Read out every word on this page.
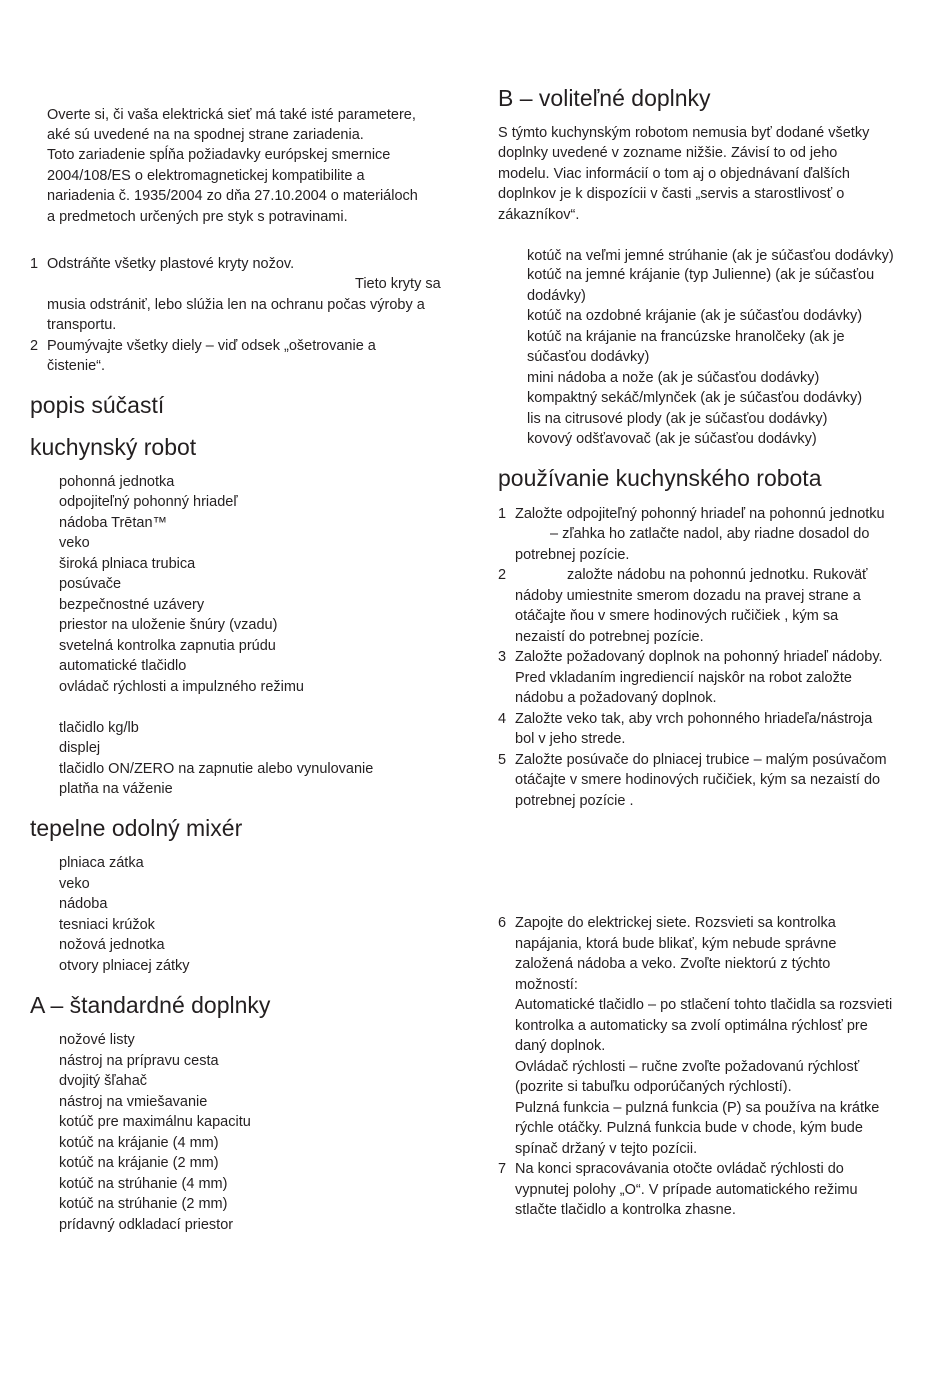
Overte si, či vaša elektrická sieť má také isté parametere,
aké sú uvedené na na spodnej strane zariadenia.
Toto zariadenie spĺňa požiadavky európskej smernice
2004/108/ES o elektromagnetickej kompatibilite a
nariadenia č. 1935/2004 zo dňa 27.10.2004 o materiáloch
a predmetoch určených pre styk s potravinami.
1 Odstráňte všetky plastové kryty nožov.
Tieto kryty sa
musia odstrániť, lebo slúžia len na ochranu počas výroby a
transportu.
2 Poumývajte všetky diely – viď odsek „ošetrovanie a
čistenie“.
popis súčastí
kuchynský robot
pohonná jednotka
odpojiteľný pohonný hriadeľ
nádoba Trētan™
veko
široká plniaca trubica
posúvače
bezpečnostné uzávery
priestor na uloženie šnúry (vzadu)
svetelná kontrolka zapnutia prúdu
automatické tlačidlo
ovládač rýchlosti a impulzného režimu
tlačidlo kg/lb
displej
tlačidlo ON/ZERO na zapnutie alebo vynulovanie
platňa na váženie
tepelne odolný mixér
plniaca zátka
veko
nádoba
tesniaci krúžok
nožová jednotka
otvory plniacej zátky
A – štandardné doplnky
nožové listy
nástroj na prípravu cesta
dvojitý šľahač
nástroj na vmiešavanie
kotúč pre maximálnu kapacitu
kotúč na krájanie (4 mm)
kotúč na krájanie (2 mm)
kotúč na strúhanie (4 mm)
kotúč na strúhanie (2 mm)
prídavný odkladací priestor
B – voliteľné doplnky
S týmto kuchynským robotom nemusia byť dodané všetky
doplnky uvedené v zozname nižšie. Závisí to od jeho
modelu. Viac informácií o tom aj o objednávaní ďalších
doplnkov je k dispozícii v časti „servis a starostlivosť o
zákazníkov“.
kotúč na veľmi jemné strúhanie (ak je súčasťou dodávky)
kotúč na jemné krájanie (typ Julienne) (ak je súčasťou
dodávky)
kotúč na ozdobné krájanie (ak je súčasťou dodávky)
kotúč na krájanie na francúzske hranolčeky (ak je
súčasťou dodávky)
mini nádoba a nože (ak je súčasťou dodávky)
kompaktný sekáč/mlynček (ak je súčasťou dodávky)
lis na citrusové plody (ak je súčasťou dodávky)
kovový odšťavovač (ak je súčasťou dodávky)
používanie kuchynského robota
1 Založte odpojiteľný pohonný hriadeľ na pohonnú jednotku
– zľahka ho zatlačte nadol, aby riadne dosadol do
potrebnej pozície.
2	založte nádobu na pohonnú jednotku. Rukoväť
nádoby umiestnite smerom dozadu na pravej strane a
otáčajte ňou v smere hodinových ručičiek , kým sa
nezaistí do potrebnej pozície.
3 Založte požadovaný doplnok na pohonný hriadeľ nádoby.
Pred vkladaním ingrediencií najskôr na robot založte
nádobu a požadovaný doplnok.
4 Založte veko tak, aby vrch pohonného hriadeľa/nástroja
bol v jeho strede.
5 Založte posúvače do plniacej trubice – malým posúvačom
otáčajte v smere hodinových ručičiek, kým sa nezaistí do
potrebnej pozície .
6 Zapojte do elektrickej siete. Rozsvieti sa kontrolka
napájania, ktorá bude blikať, kým nebude správne
založená nádoba a veko. Zvoľte niektorú z týchto
možností:
Automatické tlačidlo – po stlačení tohto tlačidla sa rozsvieti
kontrolka a automaticky sa zvolí optimálna rýchlosť pre
daný doplnok.
Ovládač rýchlosti – ručne zvoľte požadovanú rýchlosť
(pozrite si tabuľku odporúčaných rýchlostí).
Pulzná funkcia – pulzná funkcia (P) sa používa na krátke
rýchle otáčky. Pulzná funkcia bude v chode, kým bude
spínač držaný v tejto pozícii.
7 Na konci spracovávania otočte ovládač rýchlosti do
vypnutej polohy „O“. V prípade automatického režimu
stlačte tlačidlo a kontrolka zhasne.
